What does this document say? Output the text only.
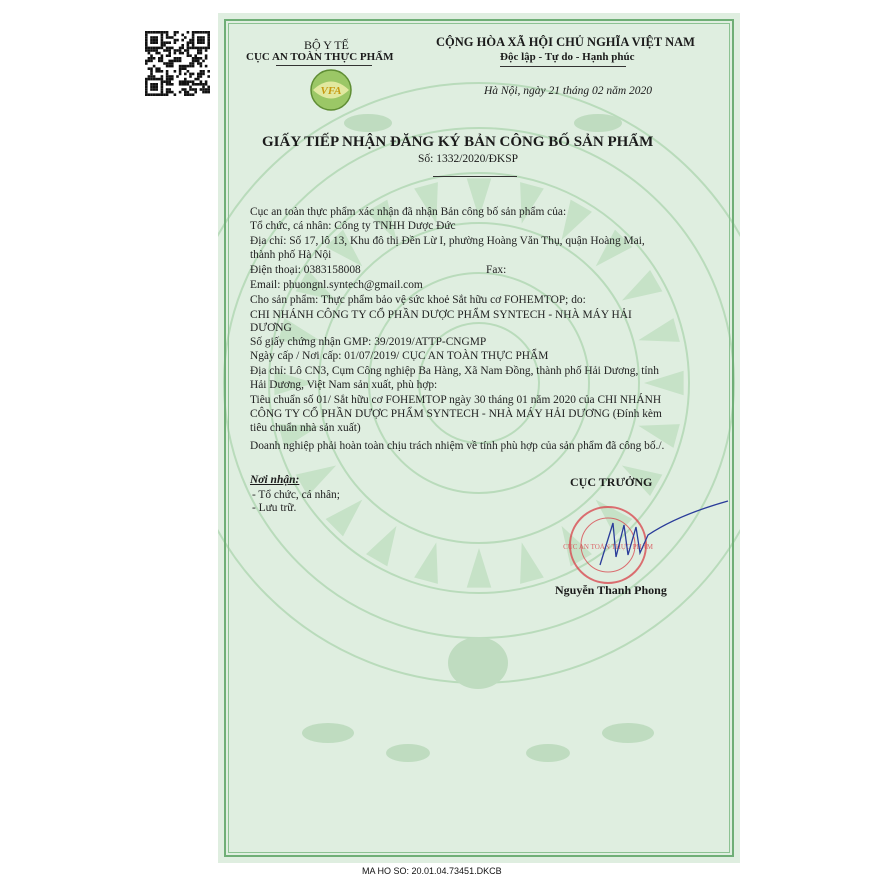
BỘ Y TẾ
CỤC AN TOÀN THỰC PHẨM
VFA
CỘNG HÒA XÃ HỘI CHỦ NGHĨA VIỆT NAM
Độc lập - Tự do - Hạnh phúc
Hà Nội, ngày 21 tháng 02 năm 2020
GIẤY TIẾP NHẬN ĐĂNG KÝ BẢN CÔNG BỐ SẢN PHẨM
Số: 1332/2020/ĐKSP
Cục an toàn thực phẩm xác nhận đã nhận Bản công bố sản phẩm của:
Tổ chức, cá nhân: Công ty TNHH Dược Đức
Địa chỉ: Số 17, lô 13, Khu đô thị Đền Lừ I, phường Hoàng Văn Thụ, quận Hoàng Mai,
thành phố Hà Nội
Điện thoại: 0383158008	Fax:
Email: phuongnl.syntech@gmail.com
Cho sản phẩm: Thực phẩm bảo vệ sức khoẻ Sắt hữu cơ FOHEMTOP; do:
CHI NHÁNH CÔNG TY CỔ PHẦN DƯỢC PHẨM SYNTECH - NHÀ MÁY HẢI
DƯƠNG
Số giấy chứng nhận GMP: 39/2019/ATTP-CNGMP
Ngày cấp / Nơi cấp: 01/07/2019/ CỤC AN TOÀN THỰC PHẨM
Địa chỉ: Lô CN3, Cụm Công nghiệp Ba Hàng, Xã Nam Đồng, thành phố Hải Dương, tỉnh
Hải Dương, Việt Nam sản xuất, phù hợp:
Tiêu chuẩn số 01/ Sắt hữu cơ FOHEMTOP ngày 30 tháng 01 năm 2020 của CHI NHÁNH
CÔNG TY CỔ PHẦN DƯỢC PHẨM SYNTECH - NHÀ MÁY HẢI DƯƠNG (Đính kèm
tiêu chuẩn nhà sản xuất)
Doanh nghiệp phải hoàn toàn chịu trách nhiệm về tính phù hợp của sản phẩm đã công bố./.
Nơi nhận:
- Tổ chức, cá nhân;
- Lưu trữ.
CỤC TRƯỞNG
CỤC AN TOÀN THỰC PHẨM
Nguyễn Thanh Phong
MA HO SO: 20.01.04.73451.DKCB
